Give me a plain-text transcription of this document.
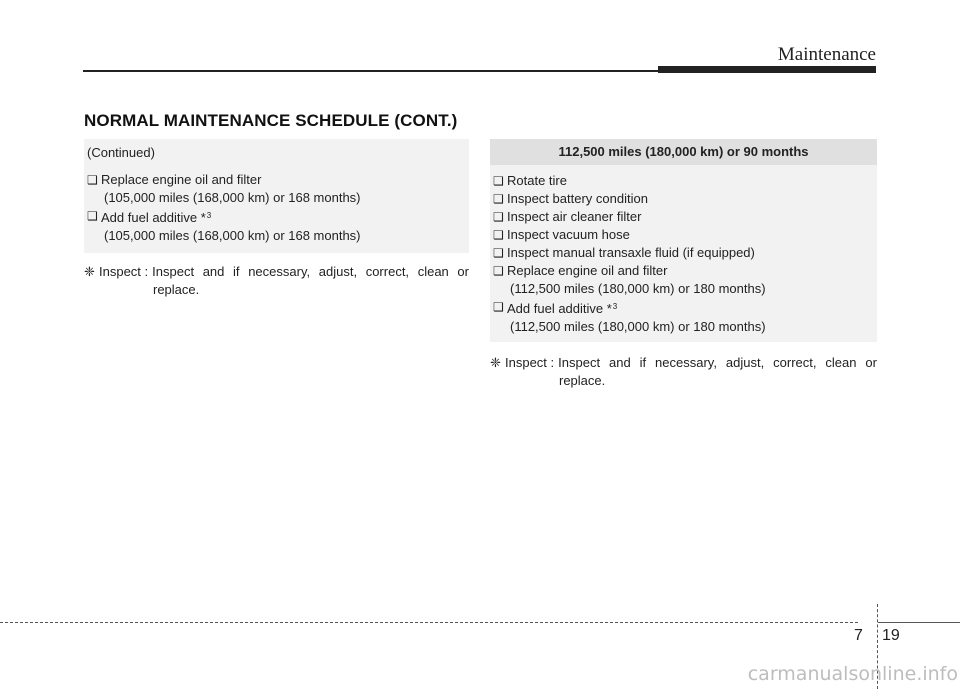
Maintenance
NORMAL MAINTENANCE SCHEDULE (CONT.)
(Continued)
❑ Replace engine oil and filter
(105,000 miles (168,000 km) or 168 months)
❑ Add fuel additive *$^3$
(105,000 miles (168,000 km) or 168 months)
❈ Inspect : Inspect and if necessary, adjust, correct, clean or
replace.
112,500 miles (180,000 km) or 90 months
❑ Rotate tire
❑ Inspect battery condition
❑ Inspect air cleaner filter
❑ Inspect vacuum hose
❑ Inspect manual transaxle fluid (if equipped)
❑ Replace engine oil and filter
(112,500 miles (180,000 km) or 180 months)
❑ Add fuel additive *$^3$
(112,500 miles (180,000 km) or 180 months)
❈ Inspect : Inspect and if necessary, adjust, correct, clean or
replace.
7 19
carmanualsonline.info
